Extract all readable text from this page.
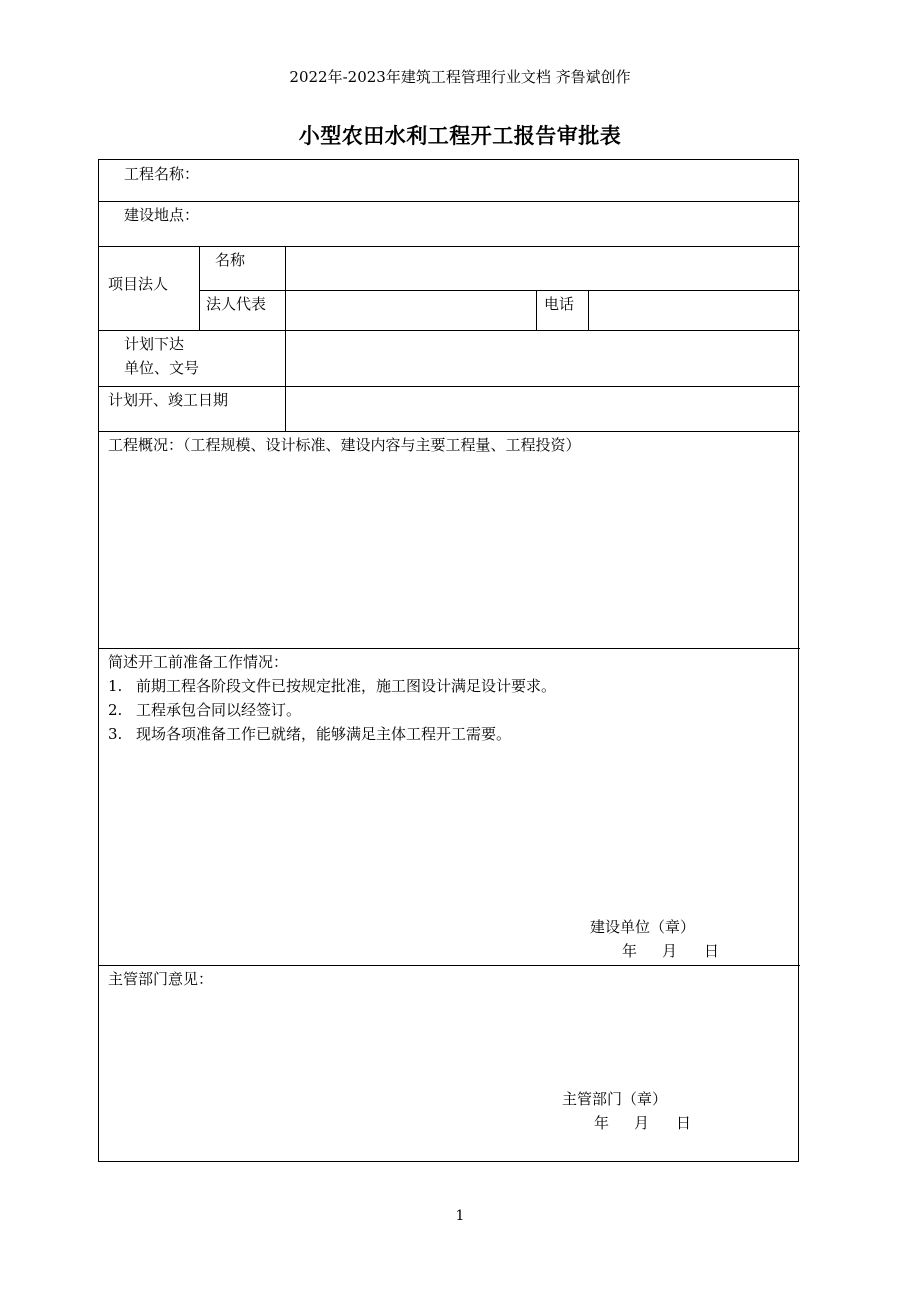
2022年-2023年建筑工程管理行业文档 齐鲁斌创作
小型农田水利工程开工报告审批表
工程名称：
建设地点：
项目法人
名称
法人代表	电话
计划下达
单位、文号
计划开、竣工日期
工程概况：（工程规模、设计标准、建设内容与主要工程量、工程投资）
简述开工前准备工作情况：
1. 前期工程各阶段文件已按规定批准，施工图设计满足设计要求。
2. 工程承包合同以经签订。
3. 现场各项准备工作已就绪，能够满足主体工程开工需要。
建设单位（章）
年 月 日
主管部门意见：
主管部门（章）
年 月 日
1
